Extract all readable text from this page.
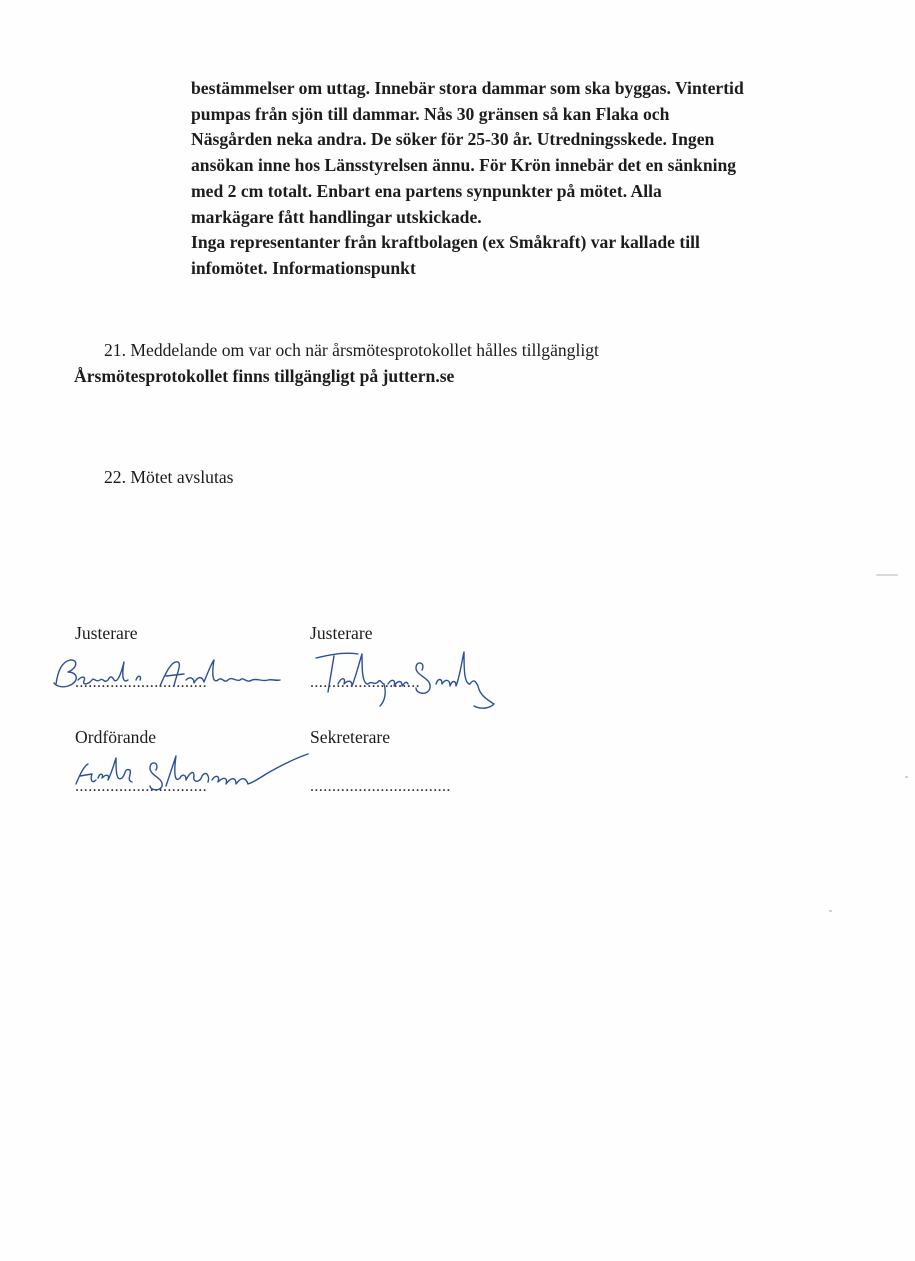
bestämmelser om uttag. Innebär stora dammar som ska byggas. Vintertid
pumpas från sjön till dammar. Nås 30 gränsen så kan Flaka och
Näsgården neka andra. De söker för 25-30 år. Utredningsskede. Ingen
ansökan inne hos Länsstyrelsen ännu. För Krön innebär det en sänkning
med 2 cm totalt. Enbart ena partens synpunkter på mötet. Alla
markägare fått handlingar utskickade.
Inga representanter från kraftbolagen (ex Småkraft) var kallade till
infomötet. Informationspunkt
21. Meddelande om var och när årsmötesprotokollet hålles tillgängligt
Årsmötesprotokollet finns tillgängligt på juttern.se
22. Mötet avslutas
Justerare	Justerare
..............................	.........................
Ordförande	Sekreterare
..............................	................................
